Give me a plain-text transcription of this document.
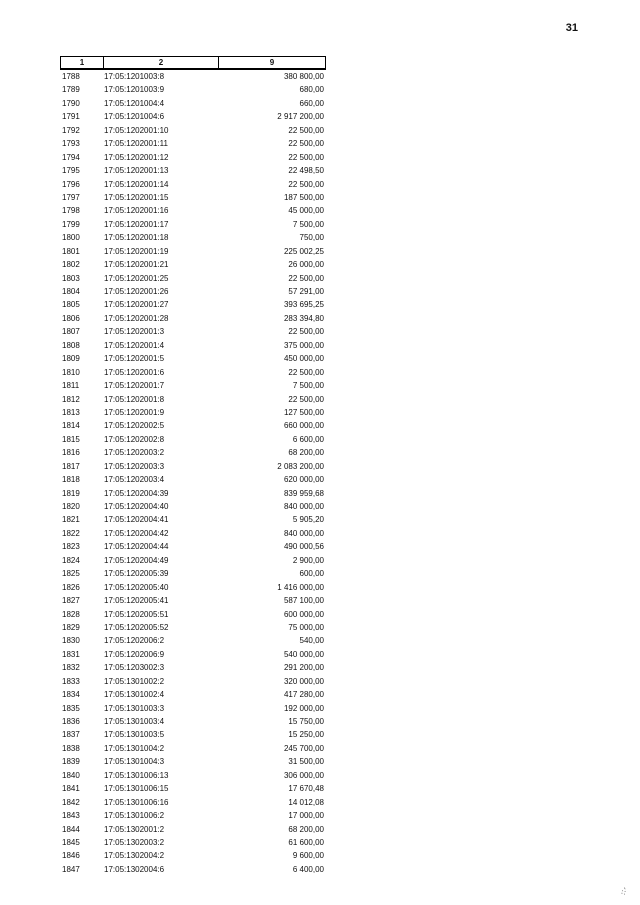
31
1	2	9
1788	17:05:1201003:8	380 800,00
1789	17:05:1201003:9	680,00
1790	17:05:1201004:4	660,00
1791	17:05:1201004:6	2 917 200,00
1792	17:05:1202001:10	22 500,00
1793	17:05:1202001:11	22 500,00
1794	17:05:1202001:12	22 500,00
1795	17:05:1202001:13	22 498,50
1796	17:05:1202001:14	22 500,00
1797	17:05:1202001:15	187 500,00
1798	17:05:1202001:16	45 000,00
1799	17:05:1202001:17	7 500,00
1800	17:05:1202001:18	750,00
1801	17:05:1202001:19	225 002,25
1802	17:05:1202001:21	26 000,00
1803	17:05:1202001:25	22 500,00
1804	17:05:1202001:26	57 291,00
1805	17:05:1202001:27	393 695,25
1806	17:05:1202001:28	283 394,80
1807	17:05:1202001:3	22 500,00
1808	17:05:1202001:4	375 000,00
1809	17:05:1202001:5	450 000,00
1810	17:05:1202001:6	22 500,00
1811	17:05:1202001:7	7 500,00
1812	17:05:1202001:8	22 500,00
1813	17:05:1202001:9	127 500,00
1814	17:05:1202002:5	660 000,00
1815	17:05:1202002:8	6 600,00
1816	17:05:1202003:2	68 200,00
1817	17:05:1202003:3	2 083 200,00
1818	17:05:1202003:4	620 000,00
1819	17:05:1202004:39	839 959,68
1820	17:05:1202004:40	840 000,00
1821	17:05:1202004:41	5 905,20
1822	17:05:1202004:42	840 000,00
1823	17:05:1202004:44	490 000,56
1824	17:05:1202004:49	2 900,00
1825	17:05:1202005:39	600,00
1826	17:05:1202005:40	1 416 000,00
1827	17:05:1202005:41	587 100,00
1828	17:05:1202005:51	600 000,00
1829	17:05:1202005:52	75 000,00
1830	17:05:1202006:2	540,00
1831	17:05:1202006:9	540 000,00
1832	17:05:1203002:3	291 200,00
1833	17:05:1301002:2	320 000,00
1834	17:05:1301002:4	417 280,00
1835	17:05:1301003:3	192 000,00
1836	17:05:1301003:4	15 750,00
1837	17:05:1301003:5	15 250,00
1838	17:05:1301004:2	245 700,00
1839	17:05:1301004:3	31 500,00
1840	17:05:1301006:13	306 000,00
1841	17:05:1301006:15	17 670,48
1842	17:05:1301006:16	14 012,08
1843	17:05:1301006:2	17 000,00
1844	17:05:1302001:2	68 200,00
1845	17:05:1302003:2	61 600,00
1846	17:05:1302004:2	9 600,00
1847	17:05:1302004:6	6 400,00
·:·'
